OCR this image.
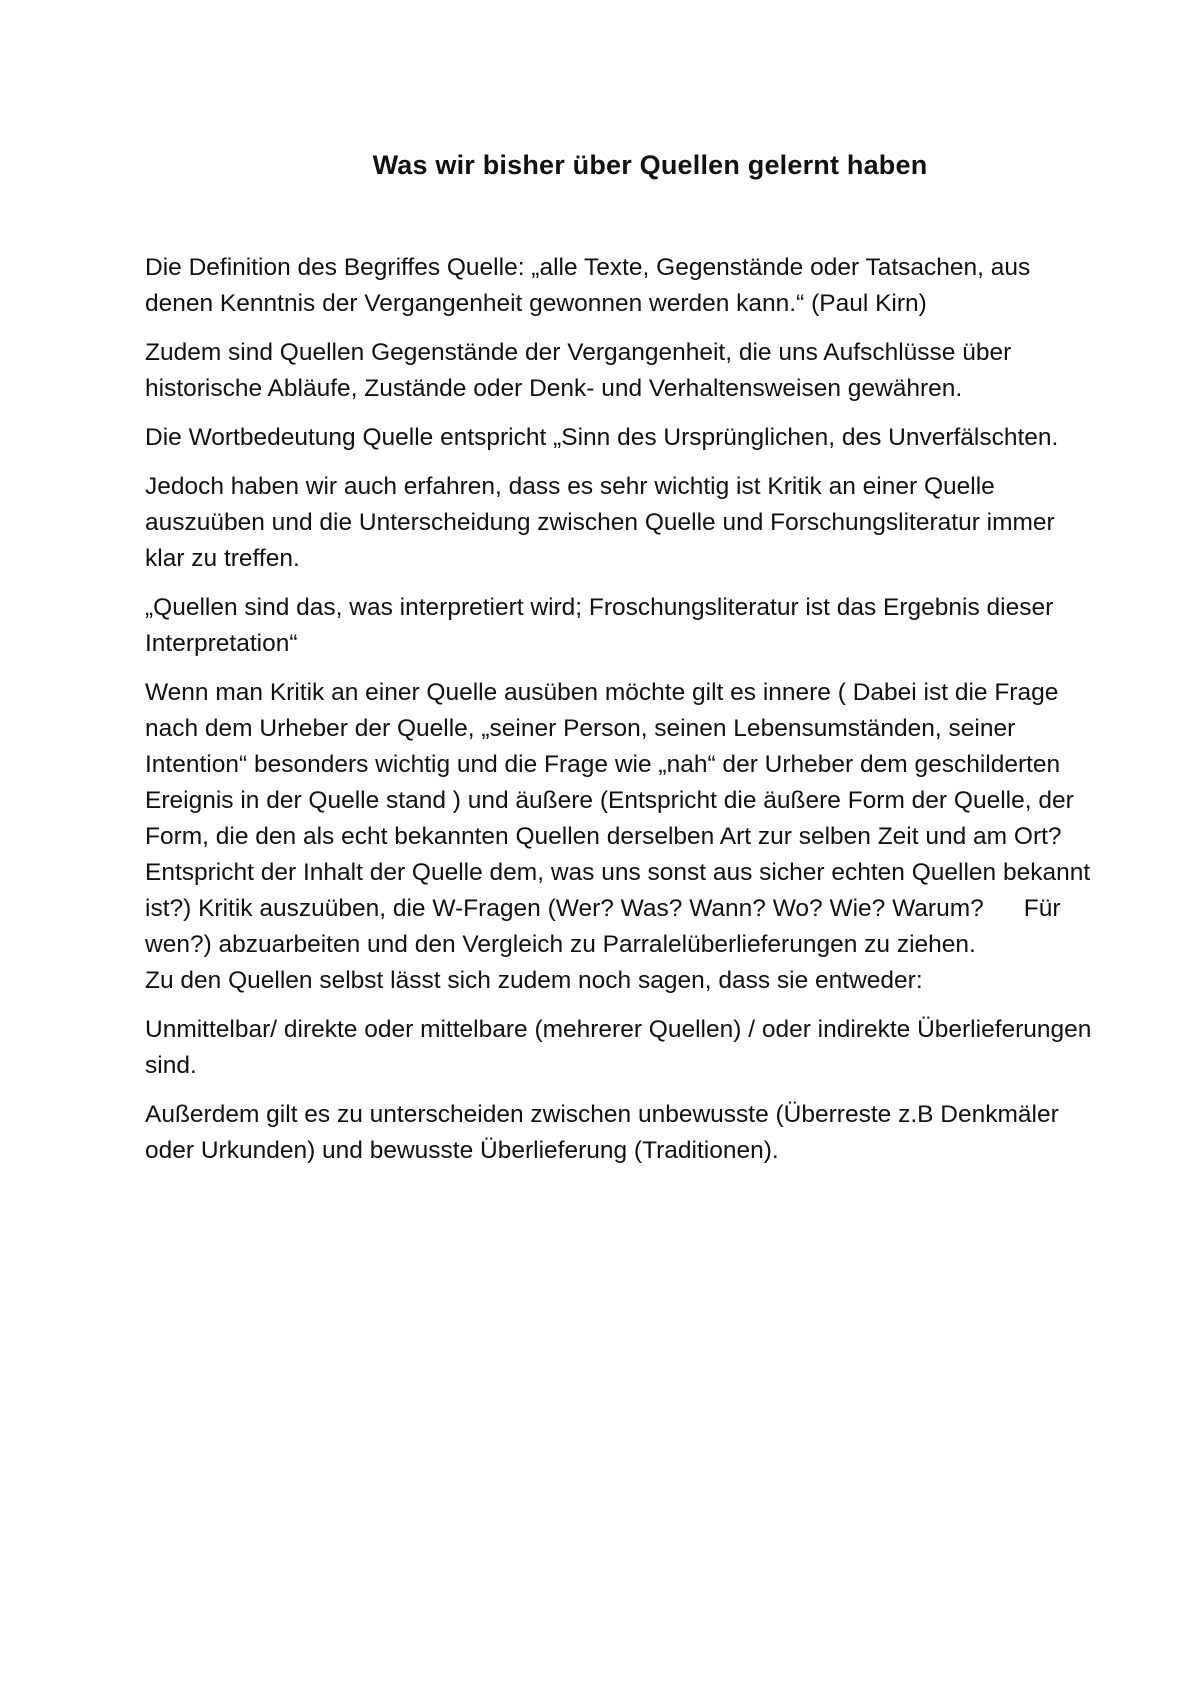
Was wir bisher über Quellen gelernt haben

Die Definition des Begriffes Quelle: „alle Texte, Gegenstände oder Tatsachen, aus denen Kenntnis der Vergangenheit gewonnen werden kann.“ (Paul Kirn)

Zudem sind Quellen Gegenstände der Vergangenheit, die uns Aufschlüsse über historische Abläufe, Zustände oder Denk- und Verhaltensweisen gewähren.

Die Wortbedeutung Quelle entspricht „Sinn des Ursprünglichen, des Unverfälschten.

Jedoch haben wir auch erfahren, dass es sehr wichtig ist Kritik an einer Quelle auszuüben und die Unterscheidung zwischen Quelle und Forschungsliteratur immer klar zu treffen.

„Quellen sind das, was interpretiert wird; Froschungsliteratur ist das Ergebnis dieser Interpretation“

Wenn man Kritik an einer Quelle ausüben möchte gilt es innere ( Dabei ist die Frage nach dem Urheber der Quelle, „seiner Person, seinen Lebensumständen, seiner Intention“ besonders wichtig und die Frage wie „nah“ der Urheber dem geschilderten Ereignis in der Quelle stand ) und äußere (Entspricht die äußere Form der Quelle, der Form, die den als echt bekannten Quellen derselben Art zur selben Zeit und am Ort?

Entspricht der Inhalt der Quelle dem, was uns sonst aus sicher echten Quellen bekannt ist?) Kritik auszuüben, die W-Fragen (Wer? Was? Wann? Wo? Wie? Warum? Für wen?) abzuarbeiten und den Vergleich zu Parralelüberlieferungen zu ziehen.

Zu den Quellen selbst lässt sich zudem noch sagen, dass sie entweder:

Unmittelbar/ direkte oder mittelbare (mehrerer Quellen) / oder indirekte Überlieferungen sind.

Außerdem gilt es zu unterscheiden zwischen unbewusste (Überreste z.B Denkmäler oder Urkunden) und bewusste Überlieferung (Traditionen).
